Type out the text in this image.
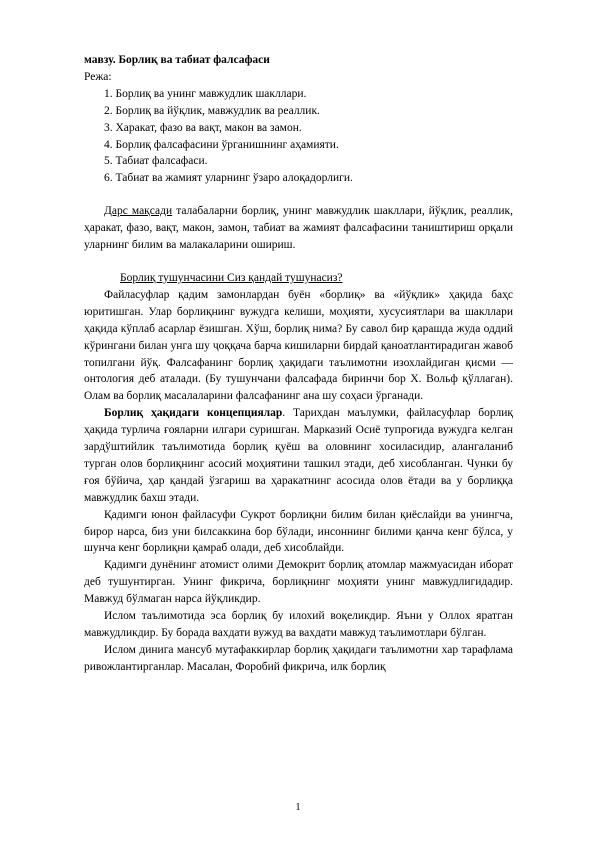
мавзу. Борлиқ ва табиат фалсафаси

Режа:

1. Борлиқ ва унинг мавжудлик шакллари.
2. Борлиқ ва йўқлик, мавжудлик ва реаллик.
3. Харакат, фазо ва вақт, макон ва замон.
4. Борлиқ фалсафасини ўрганишнинг аҳамияти.
5. Табиат фалсафаси.
6. Табиат ва жамият уларнинг ўзаро алоқадорлиги.

Дарс мақсади талабаларни борлиқ, унинг мавжудлик шакллари, йўқлик, реаллик, ҳаракат, фазо, вақт, макон, замон, табиат ва жамият фалсафасини таништириш орқали уларнинг билим ва малакаларини ошириш.

Борлиқ тушунчасини Сиз қандай тушунасиз?

Файласуфлар қадим замонлардан буён «борлиқ» ва «йўқлик» ҳақида баҳс юритишган. Улар борлиқнинг вужудга келиши, моҳияти, хусусиятлари ва шакллари ҳақида кўплаб асарлар ёзишган. Хўш, борлиқ нима? Бу савол бир қарашда жуда оддий кўрингани билан унга шу ҷоққача барча кишиларни бирдай қаноатлантирадиган жавоб топилгани йўқ. Фалсафанинг борлиқ ҳақидаги таълимотни изохлайдиган қисми — онтология деб аталади. (Бу тушунчани фалсафада биринчи бор Х. Вольф қўллаган). Олам ва борлиқ масалаларини фалсафанинг ана шу соҳаси ўрганади.

Борлиқ ҳақидаги концепциялар. Тарихдан маълумки, файласуфлар борлиқ ҳақида турлича ғояларни илгари суришган. Марказий Осиё тупроғида вужудга келган зардўштийлик таълимотида борлиқ қуёш ва оловнинг хосиласидир, алангаланиб турган олов борлиқнинг асосий моҳиятини ташкил этади, деб хисобланган. Чунки бу ғоя бўйича, ҳар қандай ўзгариш ва ҳаракатнинг асосида олов ётади ва у борлиққа мавжудлик бахш этади.

Қадимги юнон файласуфи Сукрот борлиқни билим билан қиёслайди ва унингча, бирор нарса, биз уни билсаккина бор бўлади, инсоннинг билими қанча кенг бўлса, у шунча кенг борлиқни қамраб олади, деб хисоблайди.

Қадимги дунёнинг атомист олими Демокрит борлиқ атомлар мажмуасидан иборат деб тушунтирган. Унинг фикрича, борлиқнинг моҳияти унинг мавжудлигидадир. Мавжуд бўлмаган нарса йўқликдир.

Ислом таълимотида эса борлиқ бу илохий воқеликдир. Яъни у Оллох яратган мавжудликдир. Бу борада вахдати вужуд ва вахдати мавжуд таълимотлари бўлган.

Ислом динига мансуб мутафаккирлар борлиқ ҳақидаги таълимотни хар тарафлама ривожлантирганлар. Масалан, Форобий фикрича, илк борлиқ

1
